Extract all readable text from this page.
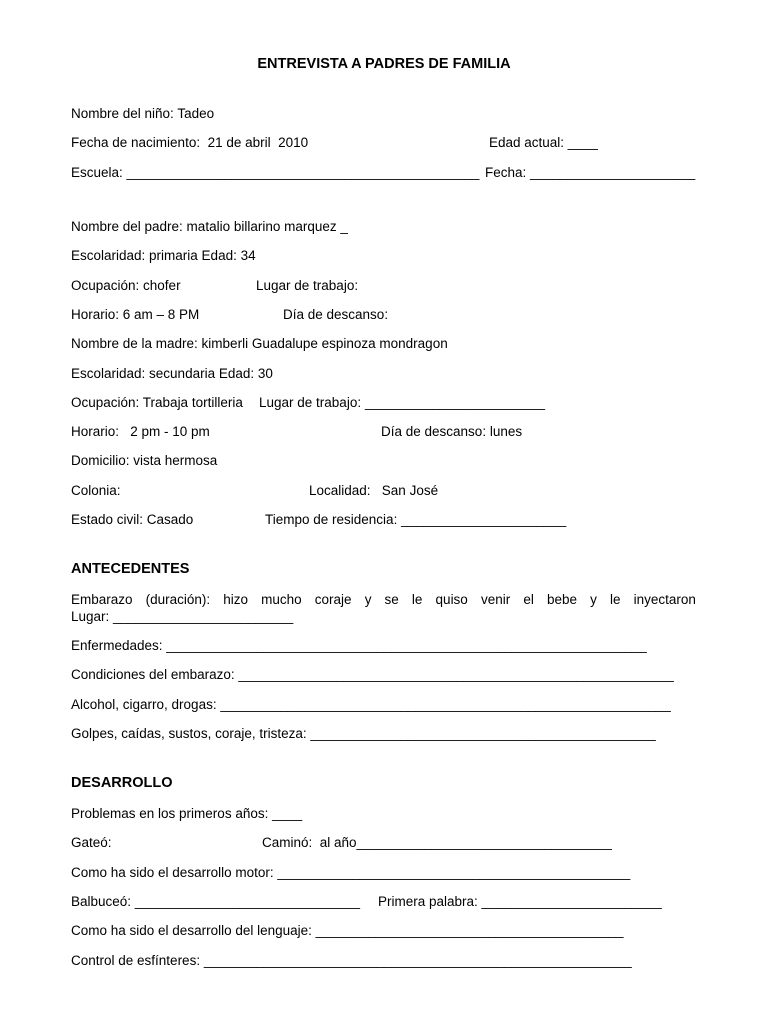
ENTREVISTA A PADRES DE FAMILIA
Nombre del niño: Tadeo
Fecha de nacimiento:  21 de abril  2010	Edad actual: ____
Escuela: _______________________________________________ Fecha: ______________________
Nombre del padre: matalio billarino marquez _
Escolaridad: primaria Edad: 34
Ocupación: chofer	Lugar de trabajo:
Horario: 6 am – 8 PM	Día de descanso:
Nombre de la madre: kimberli Guadalupe espinoza mondragon
Escolaridad: secundaria Edad: 30
Ocupación: Trabaja tortilleria Lugar de trabajo: ________________________
Horario:   2 pm - 10 pm	Día de descanso: lunes
Domicilio: vista hermosa
Colonia:	Localidad:   San José
Estado civil: Casado	Tiempo de residencia: ______________________
ANTECEDENTES
Embarazo (duración): hizo mucho coraje y se le quiso venir el bebe y le inyectaron
Lugar: ________________________
Enfermedades: ________________________________________________________________
Condiciones del embarazo: __________________________________________________________
Alcohol, cigarro, drogas: ____________________________________________________________
Golpes, caídas, sustos, coraje, tristeza: ______________________________________________
DESARROLLO
Problemas en los primeros años: ____
Gateó:	Caminó:  al año__________________________________
Como ha sido el desarrollo motor: _______________________________________________
Balbuceó: ______________________________ Primera palabra: ________________________
Como ha sido el desarrollo del lenguaje: _________________________________________
Control de esfínteres: _________________________________________________________
